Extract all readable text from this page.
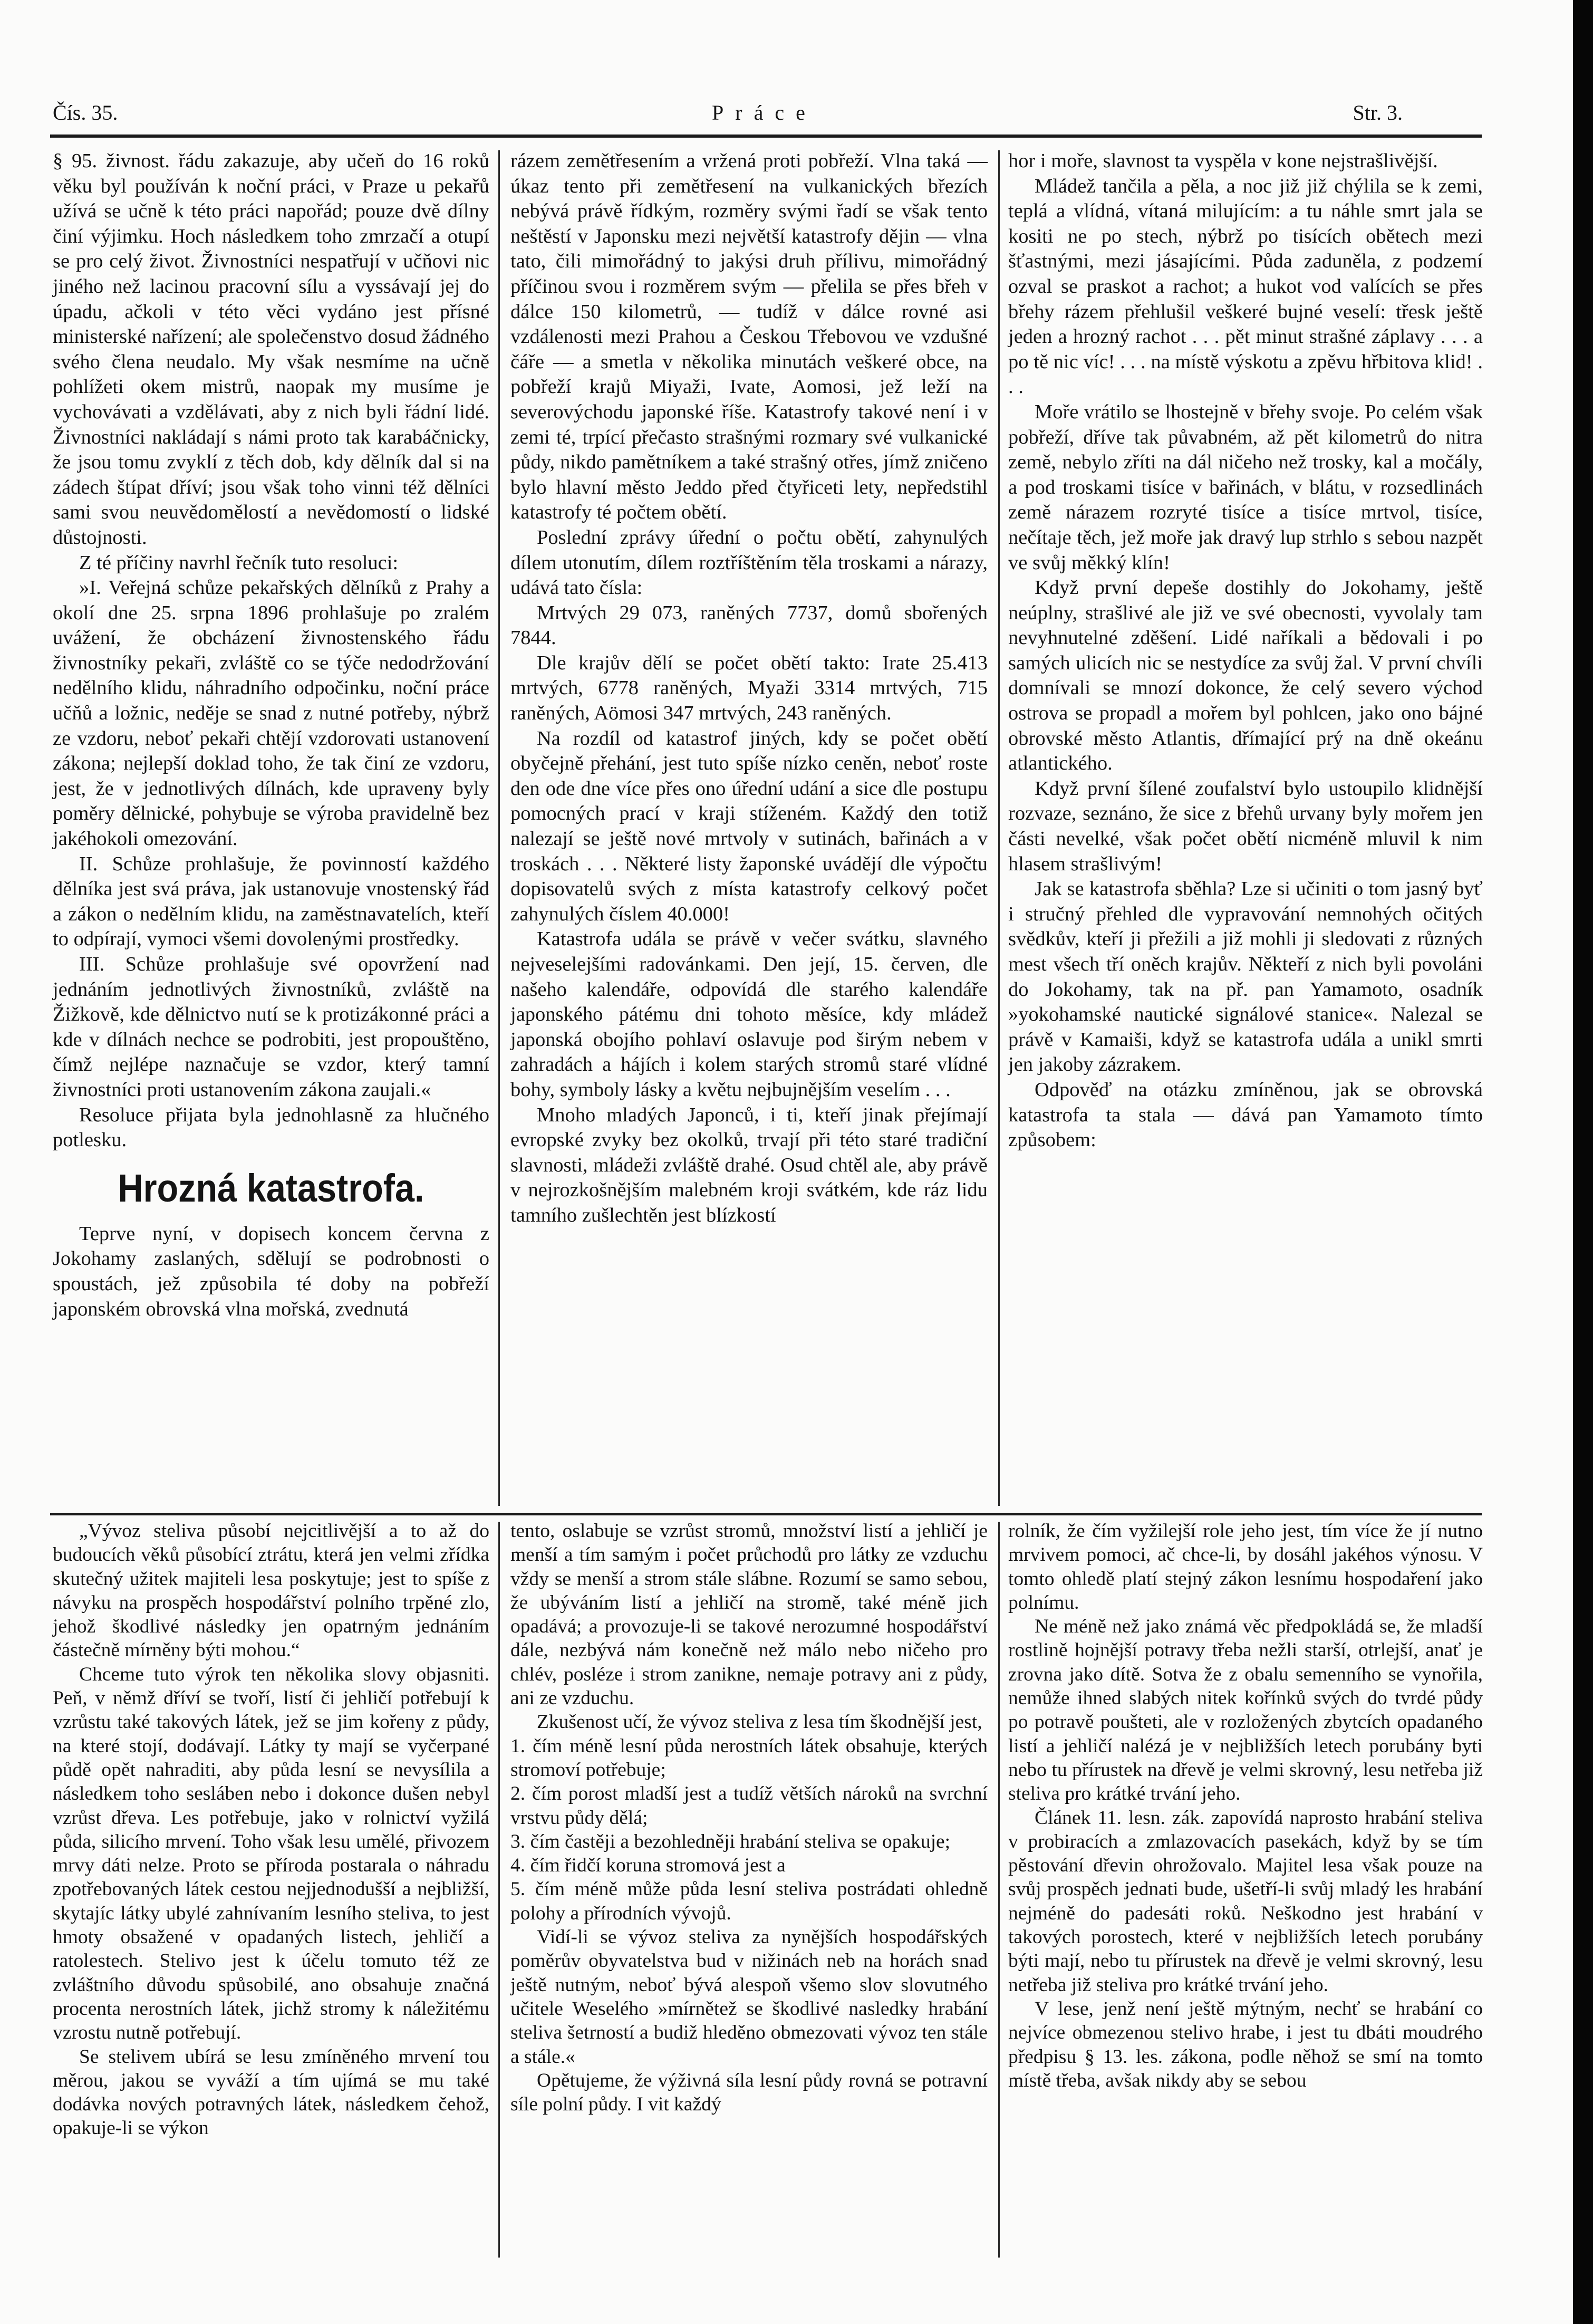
Čís. 35.	Práce	Str. 3.

§ 95. živnost. řádu zakazuje, aby učeň do 16 roků věku byl používán k noční práci, v Praze u pekařů užívá se učně k této práci napořád; pouze dvě dílny činí výjimku. Hoch následkem toho zmrzačí a otupí se pro celý život. Živnostníci nespatřují v učňovi nic jiného než lacinou pracovní sílu a vyssávají jej do úpadu, ačkoli v této věci vydáno jest přísné ministerské nařízení; ale společenstvo dosud žádného svého člena neudalo. My však nesmíme na učně pohlížeti okem mistrů, naopak my musíme je vychovávati a vzdělávati, aby z nich byli řádní lidé. Živnostníci nakládají s námi proto tak karabáčnicky, že jsou tomu zvyklí z těch dob, kdy dělník dal si na zádech štípat dříví; jsou však toho vinni též dělníci sami svou neuvědomělostí a nevědomostí o lidské důstojnosti.

Z té příčiny navrhl řečník tuto resoluci:

»I. Veřejná schůze pekařských dělníků z Prahy a okolí dne 25. srpna 1896 prohlašuje po zralém uvážení, že obcházení živnostenského řádu živnostníky pekaři, zvláště co se týče nedodržování nedělního klidu, náhradního odpočinku, noční práce učňů a ložnic, neděje se snad z nutné potřeby, nýbrž ze vzdoru, neboť pekaři chtějí vzdorovati ustanovení zákona; nejlepší doklad toho, že tak činí ze vzdoru, jest, že v jednotlivých dílnách, kde upraveny byly poměry dělnické, pohybuje se výroba pravidelně bez jakéhokoli omezování.

II. Schůze prohlašuje, že povinností každého dělníka jest svá práva, jak ustanovuje vnostenský řád a zákon o nedělním klidu, na zaměstnavatelích, kteří to odpírají, vymoci všemi dovolenými prostředky.

III. Schůze prohlašuje své opovržení nad jednáním jednotlivých živnostníků, zvláště na Žižkově, kde dělnictvo nutí se k protizákonné práci a kde v dílnách nechce se podrobiti, jest propouštěno, čímž nejlépe naznačuje se vzdor, který tamní živnostníci proti ustanovením zákona zaujali.«

Resoluce přijata byla jednohlasně za hlučného potlesku.

Hrozná katastrofa.

Teprve nyní, v dopisech koncem června z Jokohamy zaslaných, sdělují se podrobnosti o spoustách, jež způsobila té doby na pobřeží japonském obrovská vlna mořská, zvednutá

rázem zemětřesením a vržená proti pobřeží. Vlna taká — úkaz tento při zemětřesení na vulkanických březích nebývá právě řídkým, rozměry svými řadí se však tento neštěstí v Japonsku mezi největší katastrofy dějin — vlna tato, čili mimořádný to jakýsi druh přílivu, mimořádný příčinou svou i rozměrem svým — přelila se přes břeh v dálce 150 kilometrů, — tudíž v dálce rovné asi vzdálenosti mezi Prahou a Českou Třebovou ve vzdušné čáře — a smetla v několika minutách veškeré obce, na pobřeží krajů Miyaži, Ivate, Aomosi, jež leží na severovýchodu japonské říše. Katastrofy takové není i v zemi té, trpící přečasto strašnými rozmary své vulkanické půdy, nikdo pamětníkem a také strašný otřes, jímž zničeno bylo hlavní město Jeddo před čtyřiceti lety, nepředstihl katastrofy té počtem obětí.

Poslední zprávy úřední o počtu obětí, zahynulých dílem utonutím, dílem roztříštěním těla troskami a nárazy, udává tato čísla:

Mrtvých 29 073, raněných 7737, domů sbořených 7844.

Dle krajův dělí se počet obětí takto: Irate 25.413 mrtvých, 6778 raněných, Myaži 3314 mrtvých, 715 raněných, Aömosi 347 mrtvých, 243 raněných.

Na rozdíl od katastrof jiných, kdy se počet obětí obyčejně přehání, jest tuto spíše nízko ceněn, neboť roste den ode dne více přes ono úřední udání a sice dle postupu pomocných prací v kraji stíženém. Každý den totiž nalezají se ještě nové mrtvoly v sutinách, bařinách a v troskách . . . Některé listy žaponské uvádějí dle výpočtu dopisovatelů svých z místa katastrofy celkový počet zahynulých číslem 40.000!

Katastrofa udála se právě v večer svátku, slavného nejveselejšími radovánkami. Den její, 15. červen, dle našeho kalendáře, odpovídá dle starého kalendáře japonského pátému dni tohoto měsíce, kdy mládež japonská obojího pohlaví oslavuje pod širým nebem v zahradách a hájích i kolem starých stromů staré vlídné bohy, symboly lásky a květu nejbujnějším veselím . . .

Mnoho mladých Japonců, i ti, kteří jinak přejímají evropské zvyky bez okolků, trvají při této staré tradiční slavnosti, mládeži zvláště drahé. Osud chtěl ale, aby právě v nejrozkošnějším malebném kroji svátkém, kde ráz lidu tamního zušlechtěn jest blízkostí

hor i moře, slavnost ta vyspěla v kone nejstrašlivější.

Mládež tančila a pěla, a noc již již chýlila se k zemi, teplá a vlídná, vítaná milujícím: a tu náhle smrt jala se kositi ne po stech, nýbrž po tisících obětech mezi šťastnými, mezi jásajícími. Půda zaduněla, z podzemí ozval se praskot a rachot; a hukot vod valících se přes břehy rázem přehlušil veškeré bujné veselí: třesk ještě jeden a hrozný rachot . . . pět minut strašné záplavy . . . a po tě nic víc! . . . na místě výskotu a zpěvu hřbitova klid! . . .

Moře vrátilo se lhostejně v břehy svoje. Po celém však pobřeží, dříve tak půvabném, až pět kilometrů do nitra země, nebylo zříti na dál ničeho než trosky, kal a močály, a pod troskami tisíce v bařinách, v blátu, v rozsedlinách země nárazem rozryté tisíce a tisíce mrtvol, tisíce, nečítaje těch, jež moře jak dravý lup strhlo s sebou nazpět ve svůj měkký klín!

Když první depeše dostihly do Jokohamy, ještě neúplny, strašlivé ale již ve své obecnosti, vyvolaly tam nevyhnutelné zděšení. Lidé naříkali a bědovali i po samých ulicích nic se nestydíce za svůj žal. V první chvíli domnívali se mnozí dokonce, že celý severo východ ostrova se propadl a mořem byl pohlcen, jako ono bájné obrovské město Atlantis, dřímající prý na dně okeánu atlantického.

Když první šílené zoufalství bylo ustoupilo klidnější rozvaze, seznáno, že sice z břehů urvany byly mořem jen části nevelké, však počet obětí nicméně mluvil k nim hlasem strašlivým!

Jak se katastrofa sběhla? Lze si učiniti o tom jasný byť i stručný přehled dle vypravování nemnohých očitých svědkův, kteří ji přežili a již mohli ji sledovati z různých mest všech tří oněch krajův. Někteří z nich byli povoláni do Jokohamy, tak na př. pan Yamamoto, osadník »yokohamské nautické signálové stanice«. Nalezal se právě v Kamaiši, když se katastrofa udála a unikl smrti jen jakoby zázrakem.

Odpověď na otázku zmíněnou, jak se obrovská katastrofa ta stala — dává pan Yamamoto tímto způsobem:

„Vývoz steliva působí nejcitlivější a to až do budoucích věků působící ztrátu, která jen velmi zřídka skutečný užitek majiteli lesa poskytuje; jest to spíše z návyku na prospěch hospodářství polního trpěné zlo, jehož škodlivé následky jen opatrným jednáním částečně mírněny býti mohou.“

Chceme tuto výrok ten několika slovy objasniti. Peň, v němž dříví se tvoří, listí či jehličí potřebují k vzrůstu také takových látek, jež se jim kořeny z půdy, na které stojí, dodávají. Látky ty mají se vyčerpané půdě opět nahraditi, aby půda lesní se nevysílila a následkem toho sesláben nebo i dokonce dušen nebyl vzrůst dřeva. Les potřebuje, jako v rolnictví vyžilá půda, silicího mrvení. Toho však lesu umělé, přivozem mrvy dáti nelze. Proto se příroda postarala o náhradu zpotřebovaných látek cestou nejjednodušší a nejbližší, skytajíc látky ubylé zahnívaním lesního steliva, to jest hmoty obsažené v opadaných listech, jehličí a ratolestech. Stelivo jest k účelu tomuto též ze zvláštního důvodu spůsobilé, ano obsahuje značná procenta nerostních látek, jichž stromy k náležitému vzrostu nutně potřebují.

Se stelivem ubírá se lesu zmíněného mrvení tou měrou, jakou se vyváží a tím ujímá se mu také dodávka nových potravných látek, následkem čehož, opakuje-li se výkon

tento, oslabuje se vzrůst stromů, množství listí a jehličí je menší a tím samým i počet průchodů pro látky ze vzduchu vždy se menší a strom stále slábne. Rozumí se samo sebou, že ubýváním listí a jehličí na stromě, také méně jich opadává; a provozuje-li se takové nerozumné hospodářství dále, nezbývá nám konečně než málo nebo ničeho pro chlév, posléze i strom zanikne, nemaje potravy ani z půdy, ani ze vzduchu.

Zkušenost učí, že vývoz steliva z lesa tím škodnější jest,

1. čím méně lesní půda nerostních látek obsahuje, kterých stromoví potřebuje;

2. čím porost mladší jest a tudíž větších nároků na svrchní vrstvu půdy dělá;

3. čím častěji a bezohledněji hrabání steliva se opakuje;

4. čím řidčí koruna stromová jest a

5. čím méně může půda lesní steliva postrádati ohledně polohy a přírodních vývojů.

Vidí-li se vývoz steliva za nynějších hospodářských poměrův obyvatelstva bud v nižinách neb na horách snad ještě nutným, neboť bývá alespoň všemo slov slovutného učitele Weselého »mírnětež se škodlivé nasledky hrabání steliva šetrností a budiž hleděno obmezovati vývoz ten stále a stále.«

Opětujeme, že výživná síla lesní půdy rovná se potravní síle polní půdy. I vit každý

rolník, že čím vyžilejší role jeho jest, tím více že jí nutno mrvivem pomoci, ač chce-li, by dosáhl jakéhos výnosu. V tomto ohledě platí stejný zákon lesnímu hospodaření jako polnímu.

Ne méně než jako známá věc předpokládá se, že mladší rostlině hojnější potravy třeba nežli starší, otrlejší, anať je zrovna jako dítě. Sotva že z obalu semenního se vynořila, nemůže ihned slabých nitek kořínků svých do tvrdé půdy po potravě poušteti, ale v rozložených zbytcích opadaného listí a jehličí nalézá je v nejbližších letech porubány byti nebo tu přírustek na dřevě je velmi skrovný, lesu netřeba již steliva pro krátké trvání jeho.

Článek 11. lesn. zák. zapovídá naprosto hrabání steliva v probiracích a zmlazovacích pasekách, když by se tím pěstování dřevin ohrožovalo. Majitel lesa však pouze na svůj prospěch jednati bude, ušetří-li svůj mladý les hrabání nejméně do padesáti roků. Neškodno jest hrabání v takových porostech, které v nejbližších letech porubány býti mají, nebo tu přírustek na dřevě je velmi skrovný, lesu netřeba již steliva pro krátké trvání jeho.

V lese, jenž není ještě mýtným, nechť se hrabání co nejvíce obmezenou stelivo hrabe, i jest tu dbáti moudrého předpisu § 13. les. zákona, podle něhož se smí na tomto místě třeba, avšak nikdy aby se sebou
